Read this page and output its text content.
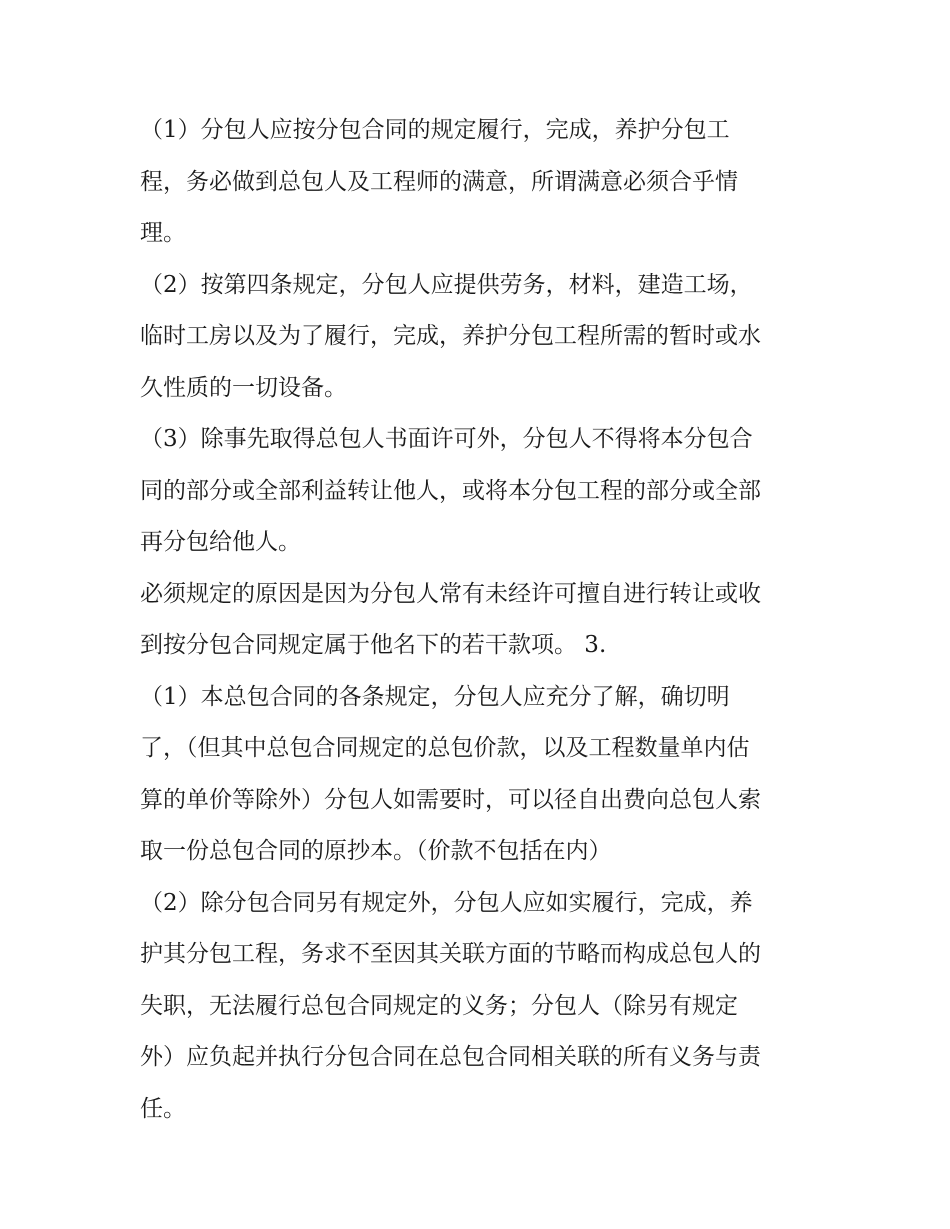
（1）分包人应按分包合同的规定履行，完成，养护分包工
程，务必做到总包人及工程师的满意，所谓满意必须合乎情
理。
（2）按第四条规定，分包人应提供劳务，材料，建造工场，
临时工房以及为了履行，完成，养护分包工程所需的暂时或水
久性质的一切设备。
（3）除事先取得总包人书面许可外，分包人不得将本分包合
同的部分或全部利益转让他人，或将本分包工程的部分或全部
再分包给他人。
必须规定的原因是因为分包人常有未经许可擅自进行转让或收
到按分包合同规定属于他名下的若干款项。 3.
（1）本总包合同的各条规定，分包人应充分了解，确切明
了，（但其中总包合同规定的总包价款，以及工程数量单内估
算的单价等除外）分包人如需要时，可以径自出费向总包人索
取一份总包合同的原抄本。（价款不包括在内）
（2）除分包合同另有规定外，分包人应如实履行，完成，养
护其分包工程，务求不至因其关联方面的节略而构成总包人的
失职，无法履行总包合同规定的义务；分包人（除另有规定
外）应负起并执行分包合同在总包合同相关联的所有义务与责
任。
